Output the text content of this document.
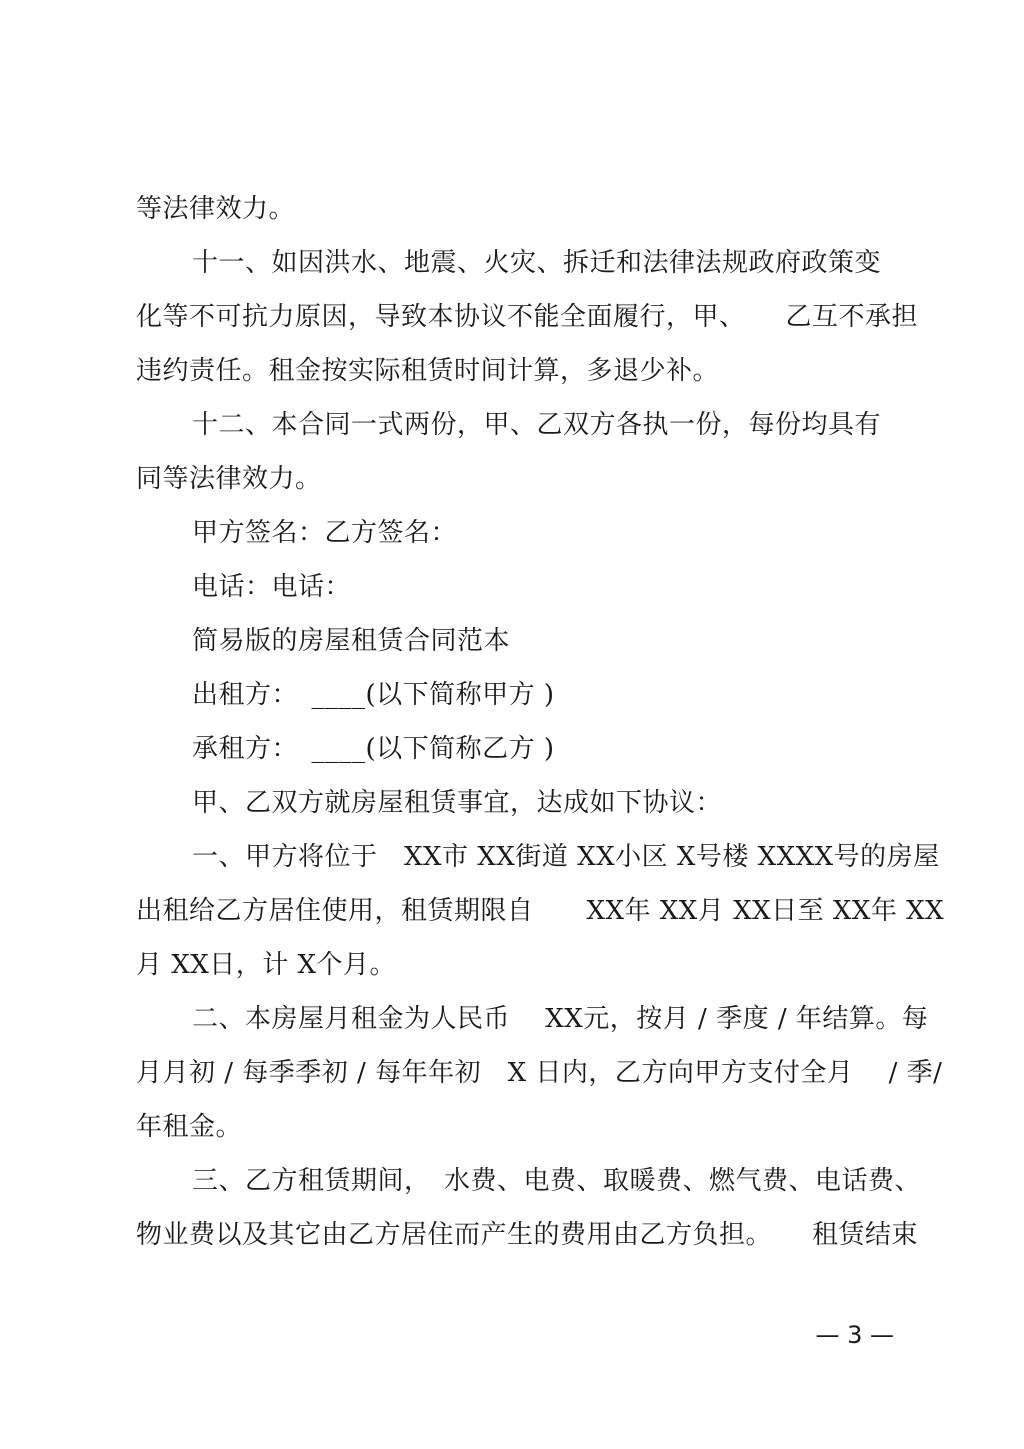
等法律效力。
十一、如因洪水、地震、火灾、拆迁和法律法规政府政策变
化等不可抗力原因，导致本协议不能全面履行，甲、　　乙互不承担
违约责任。租金按实际租赁时间计算，多退少补。
十二、本合同一式两份，甲、乙双方各执一份，每份均具有
同等法律效力。
甲方签名：乙方签名：
电话：电话：
简易版的房屋租赁合同范本
出租方：　____(以下简称甲方 )
承租方：　____(以下简称乙方 )
甲、乙双方就房屋租赁事宜，达成如下协议：
一、甲方将位于　XX市 XX街道 XX小区 X号楼 XXXX号的房屋
出租给乙方居住使用，租赁期限自　　XX年 XX月 XX日至 XX年 XX
月 XX日，计 X个月。
二、本房屋月租金为人民币　 XX元，按月 / 季度 / 年结算。每
月月初 / 每季季初 / 每年年初　X 日内，乙方向甲方支付全月　 / 季/
年租金。
三、乙方租赁期间，　水费、电费、取暖费、燃气费、电话费、
物业费以及其它由乙方居住而产生的费用由乙方负担。　　租赁结束
— 3 —
